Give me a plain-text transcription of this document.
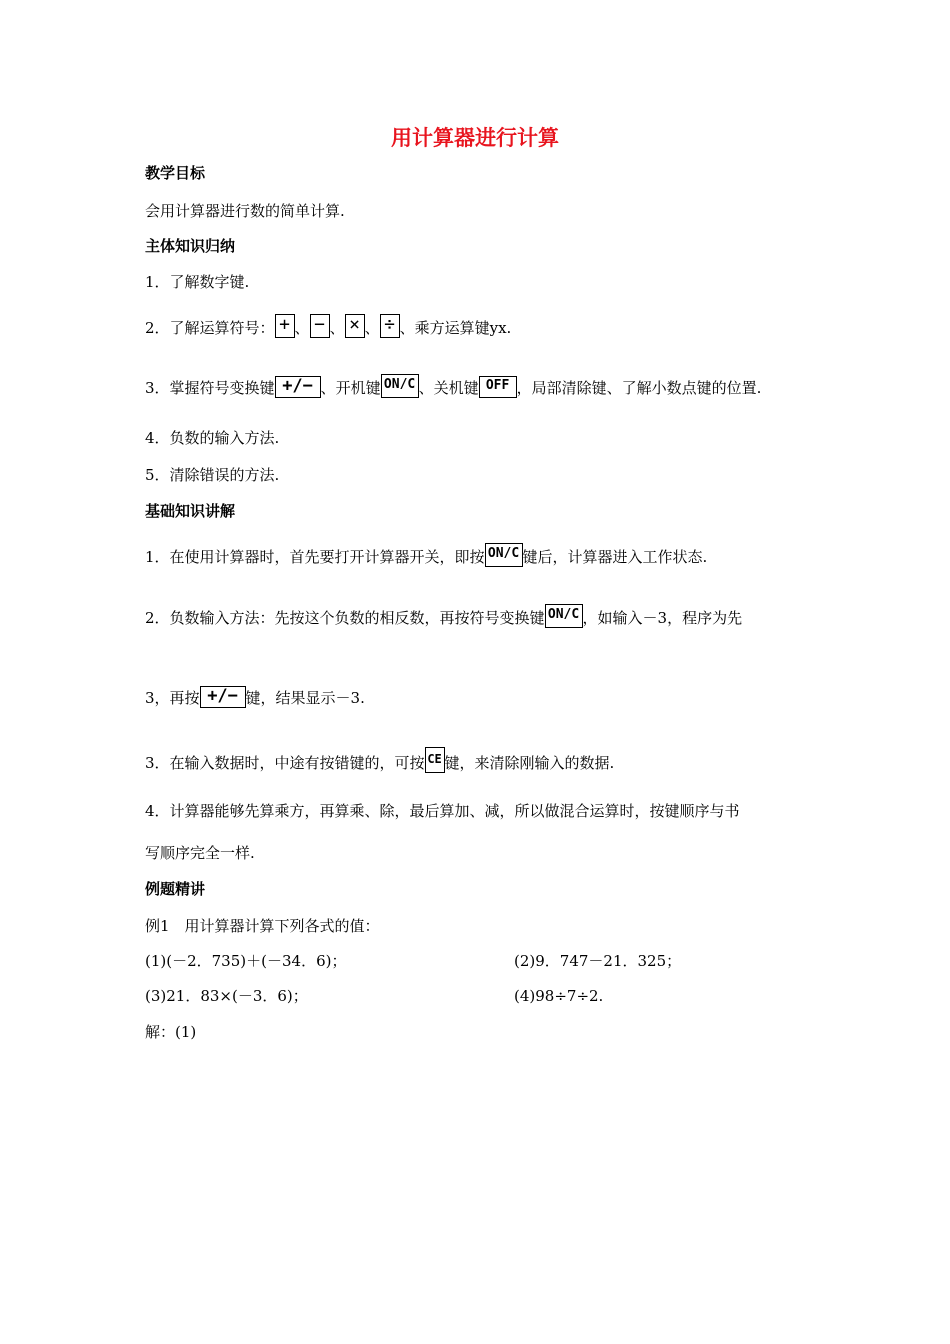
用计算器进行计算
教学目标
会用计算器进行数的简单计算.
主体知识归纳
1．了解数字键.
2．了解运算符号： + 、 − 、 × 、 ÷ 、乘方运算键yx.
3．掌握符号变换键 +/− 、开机键 ON/C 、关机键 OFF ，局部清除键、了解小数点键的位置.
4．负数的输入方法.
5．清除错误的方法.
基础知识讲解
1．在使用计算器时，首先要打开计算器开关，即按 ON/C 键后，计算器进入工作状态.
2．负数输入方法：先按这个负数的相反数，再按符号变换键 ON/C ，如输入－3，程序为先
3，再按 +/− 键，结果显示－3.
3．在输入数据时，中途有按错键的，可按 CE 键，来清除刚输入的数据.
4．计算器能够先算乘方，再算乘、除，最后算加、减，所以做混合运算时，按键顺序与书
写顺序完全一样.
例题精讲
例1　用计算器计算下列各式的值：
(1)(－2．735)＋(－34．6)；	(2)9．747－21．325；
(3)21．83×(－3．6)；	(4)98÷7÷2.
解：(1)
